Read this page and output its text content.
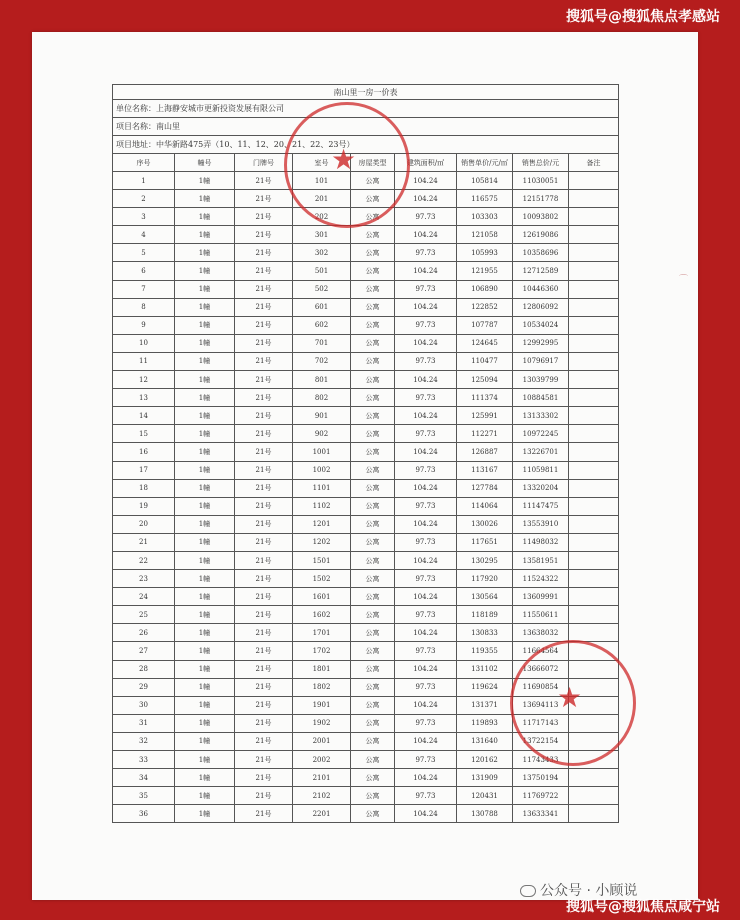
搜狐号@搜狐焦点孝感站
⌒
南山里一房一价表								
单位名称：上海静安城市更新投资发展有限公司								
项目名称：南山里								
项目地址：中华新路475弄（10、11、12、20、21、22、23号）								
序号	幢号	门牌号	室号	房屋类型	建筑面积/㎡	销售单价/元/㎡	销售总价/元	备注
1	1幢	21号	101	公寓	104.24	105814	11030051	
2	1幢	21号	201	公寓	104.24	116575	12151778	
3	1幢	21号	202	公寓	97.73	103303	10093802	
4	1幢	21号	301	公寓	104.24	121058	12619086	
5	1幢	21号	302	公寓	97.73	105993	10358696	
6	1幢	21号	501	公寓	104.24	121955	12712589	
7	1幢	21号	502	公寓	97.73	106890	10446360	
8	1幢	21号	601	公寓	104.24	122852	12806092	
9	1幢	21号	602	公寓	97.73	107787	10534024	
10	1幢	21号	701	公寓	104.24	124645	12992995	
11	1幢	21号	702	公寓	97.73	110477	10796917	
12	1幢	21号	801	公寓	104.24	125094	13039799	
13	1幢	21号	802	公寓	97.73	111374	10884581	
14	1幢	21号	901	公寓	104.24	125991	13133302	
15	1幢	21号	902	公寓	97.73	112271	10972245	
16	1幢	21号	1001	公寓	104.24	126887	13226701	
17	1幢	21号	1002	公寓	97.73	113167	11059811	
18	1幢	21号	1101	公寓	104.24	127784	13320204	
19	1幢	21号	1102	公寓	97.73	114064	11147475	
20	1幢	21号	1201	公寓	104.24	130026	13553910	
21	1幢	21号	1202	公寓	97.73	117651	11498032	
22	1幢	21号	1501	公寓	104.24	130295	13581951	
23	1幢	21号	1502	公寓	97.73	117920	11524322	
24	1幢	21号	1601	公寓	104.24	130564	13609991	
25	1幢	21号	1602	公寓	97.73	118189	11550611	
26	1幢	21号	1701	公寓	104.24	130833	13638032	
27	1幢	21号	1702	公寓	97.73	119355	11664564	
28	1幢	21号	1801	公寓	104.24	131102	13666072	
29	1幢	21号	1802	公寓	97.73	119624	11690854	
30	1幢	21号	1901	公寓	104.24	131371	13694113	
31	1幢	21号	1902	公寓	97.73	119893	11717143	
32	1幢	21号	2001	公寓	104.24	131640	13722154	
33	1幢	21号	2002	公寓	97.73	120162	11743433	
34	1幢	21号	2101	公寓	104.24	131909	13750194	
35	1幢	21号	2102	公寓	97.73	120431	11769722	
36	1幢	21号	2201	公寓	104.24	130788	13633341	
★
★
公众号 · 小顾说
搜狐号@搜狐焦点咸宁站
